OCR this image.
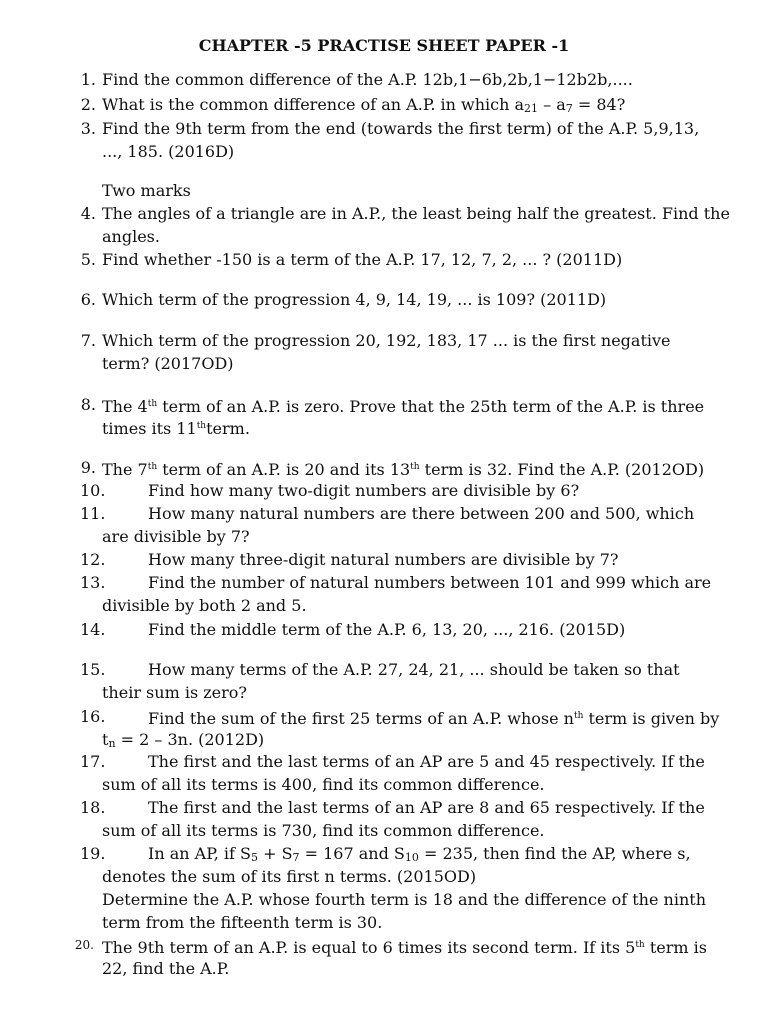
CHAPTER -5 PRACTISE SHEET PAPER -1
1. Find the common difference of the A.P. 12b,1−6b,2b,1−12b2b,....
2. What is the common difference of an A.P. in which a21 – a7 = 84?
3. Find the 9th term from the end (towards the first term) of the A.P. 5,9,13,
..., 185. (2016D)
Two marks
4. The angles of a triangle are in A.P., the least being half the greatest. Find the
angles.
5. Find whether -150 is a term of the A.P. 17, 12, 7, 2, ... ? (2011D)
6. Which term of the progression 4, 9, 14, 19, ... is 109? (2011D)
7. Which term of the progression 20, 192, 183, 17 ... is the first negative
term? (2017OD)
8. The 4th term of an A.P. is zero. Prove that the 25th term of the A.P. is three
times its 11thterm.
9. The 7th term of an A.P. is 20 and its 13th term is 32. Find the A.P. (2012OD)
10.	Find how many two-digit numbers are divisible by 6?
11.	How many natural numbers are there between 200 and 500, which
are divisible by 7?
12.	How many three-digit natural numbers are divisible by 7?
13.	Find the number of natural numbers between 101 and 999 which are
divisible by both 2 and 5.
14.	Find the middle term of the A.P. 6, 13, 20, ..., 216. (2015D)
15.	How many terms of the A.P. 27, 24, 21, ... should be taken so that
their sum is zero?
16.	Find the sum of the first 25 terms of an A.P. whose $n^{th}$ term is given by
tn = 2 – 3n. (2012D)
17.	The first and the last terms of an AP are 5 and 45 respectively. If the
sum of all its terms is 400, find its common difference.
18.	The first and the last terms of an AP are 8 and 65 respectively. If the
sum of all its terms is 730, find its common difference.
19.	In an AP, if S5 + S7 = 167 and S10 = 235, then find the AP, where s,
denotes the sum of its first n terms. (2015OD)
Determine the A.P. whose fourth term is 18 and the difference of the ninth
term from the fifteenth term is 30.
20. The 9th term of an A.P. is equal to 6 times its second term. If its 5th term is
22, find the A.P.
